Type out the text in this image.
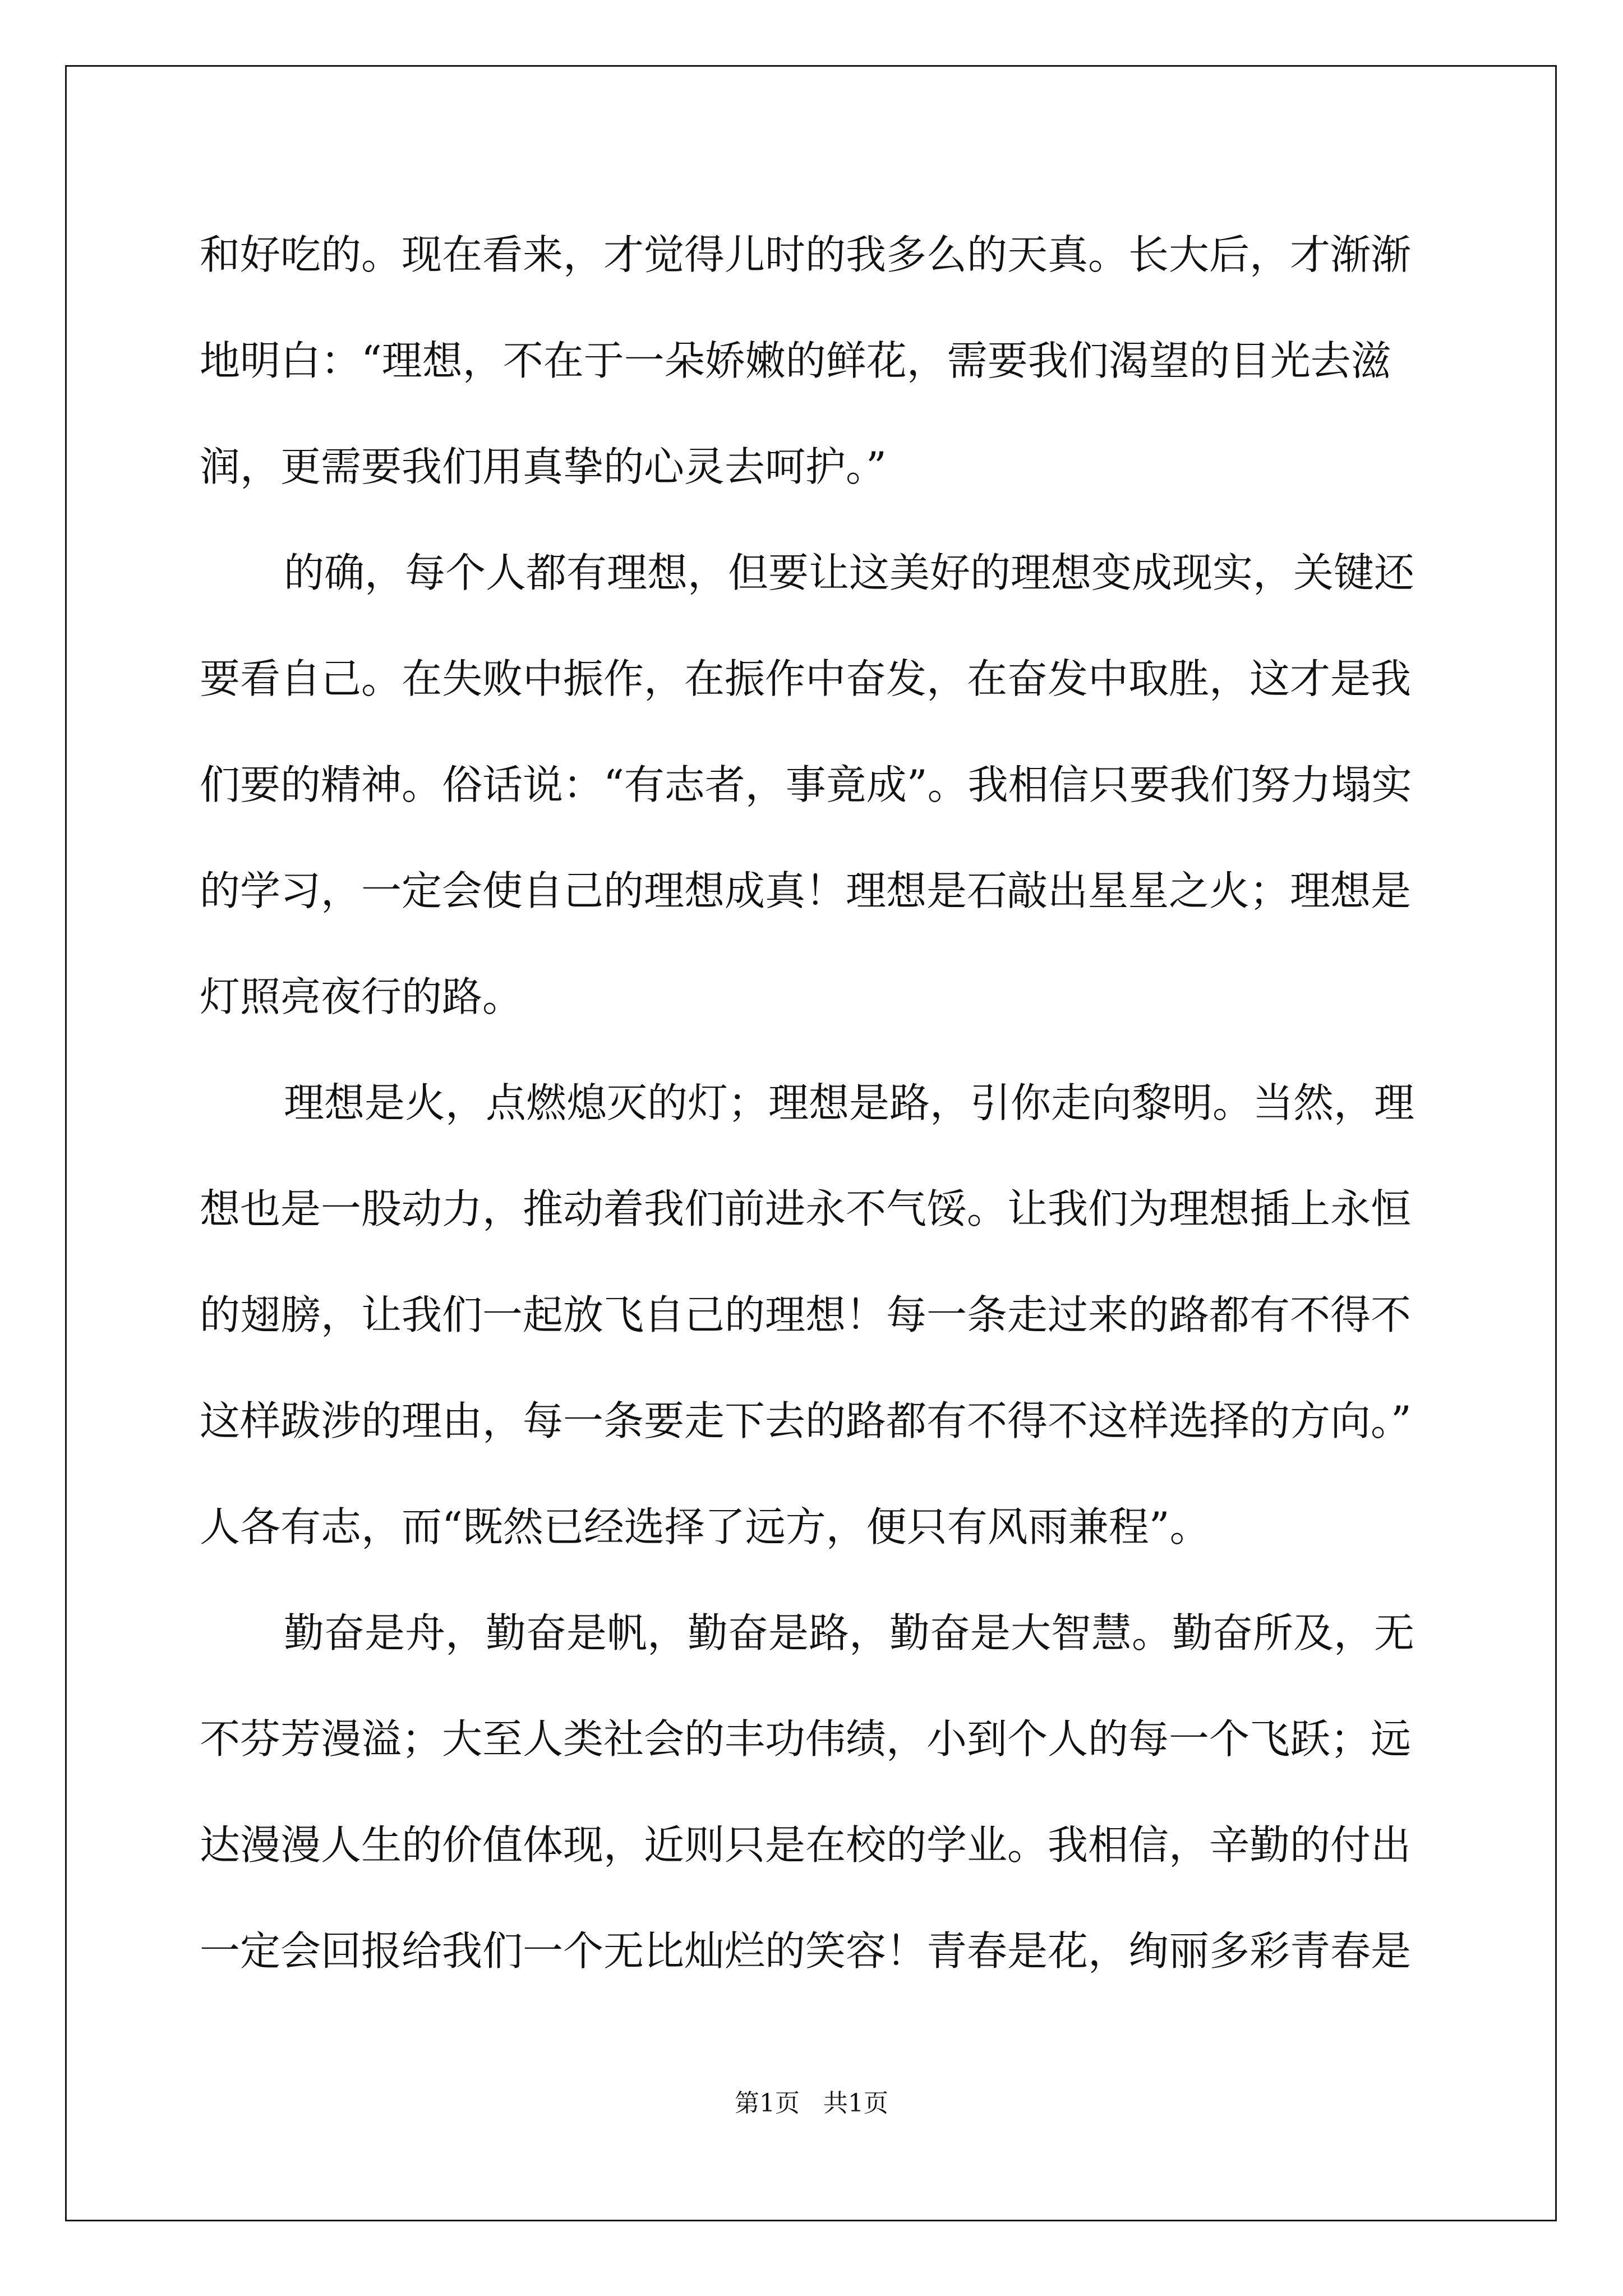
和好吃的。现在看来，才觉得儿时的我多么的天真。长大后，才渐渐
地明白：“理想，不在于一朵娇嫩的鲜花，需要我们渴望的目光去滋
润，更需要我们用真挚的心灵去呵护。”

的确，每个人都有理想，但要让这美好的理想变成现实，关键还
要看自己。在失败中振作，在振作中奋发，在奋发中取胜，这才是我
们要的精神。俗话说：“有志者，事竟成”。我相信只要我们努力塌实
的学习，一定会使自己的理想成真！理想是石敲出星星之火；理想是
灯照亮夜行的路。

理想是火，点燃熄灭的灯；理想是路，引你走向黎明。当然，理
想也是一股动力，推动着我们前进永不气馁。让我们为理想插上永恒
的翅膀，让我们一起放飞自己的理想！每一条走过来的路都有不得不
这样跋涉的理由，每一条要走下去的路都有不得不这样选择的方向。”
人各有志，而“既然已经选择了远方，便只有风雨兼程”。

勤奋是舟，勤奋是帆，勤奋是路，勤奋是大智慧。勤奋所及，无
不芬芳漫溢；大至人类社会的丰功伟绩，小到个人的每一个飞跃；远
达漫漫人生的价值体现，近则只是在校的学业。我相信，辛勤的付出
一定会回报给我们一个无比灿烂的笑容！青春是花，绚丽多彩青春是

第1页 共1页
